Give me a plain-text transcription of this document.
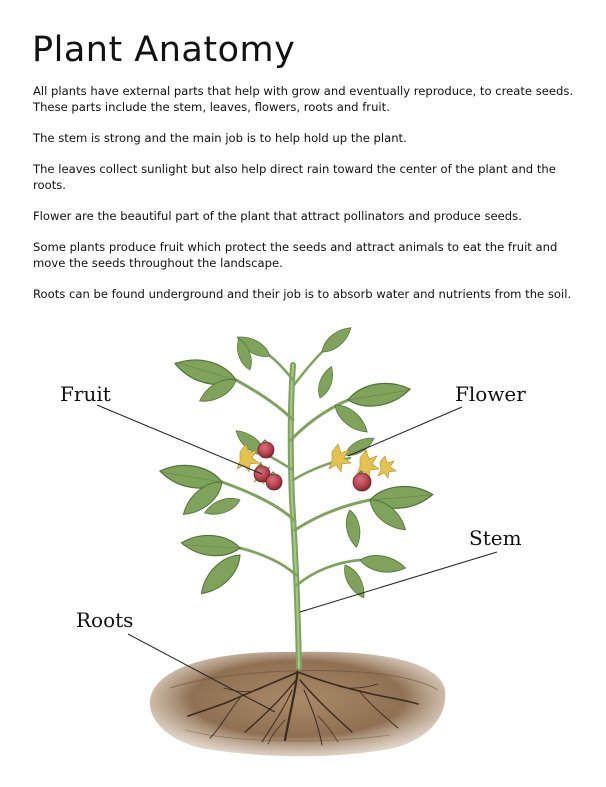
Plant Anatomy

All plants have external parts that help with grow and eventually reproduce, to create seeds. These parts include the stem, leaves, flowers, roots and fruit.

The stem is strong and the main job is to help hold up the plant.

The leaves collect sunlight but also help direct rain toward the center of the plant and the roots.

Flower are the beautiful part of the plant that attract pollinators and produce seeds.

Some plants produce fruit which protect the seeds and attract animals to eat the fruit and move the seeds throughout the landscape.

Roots can be found underground and their job is to absorb water and nutrients from the soil.

Fruit	Flower
Stem
Roots
